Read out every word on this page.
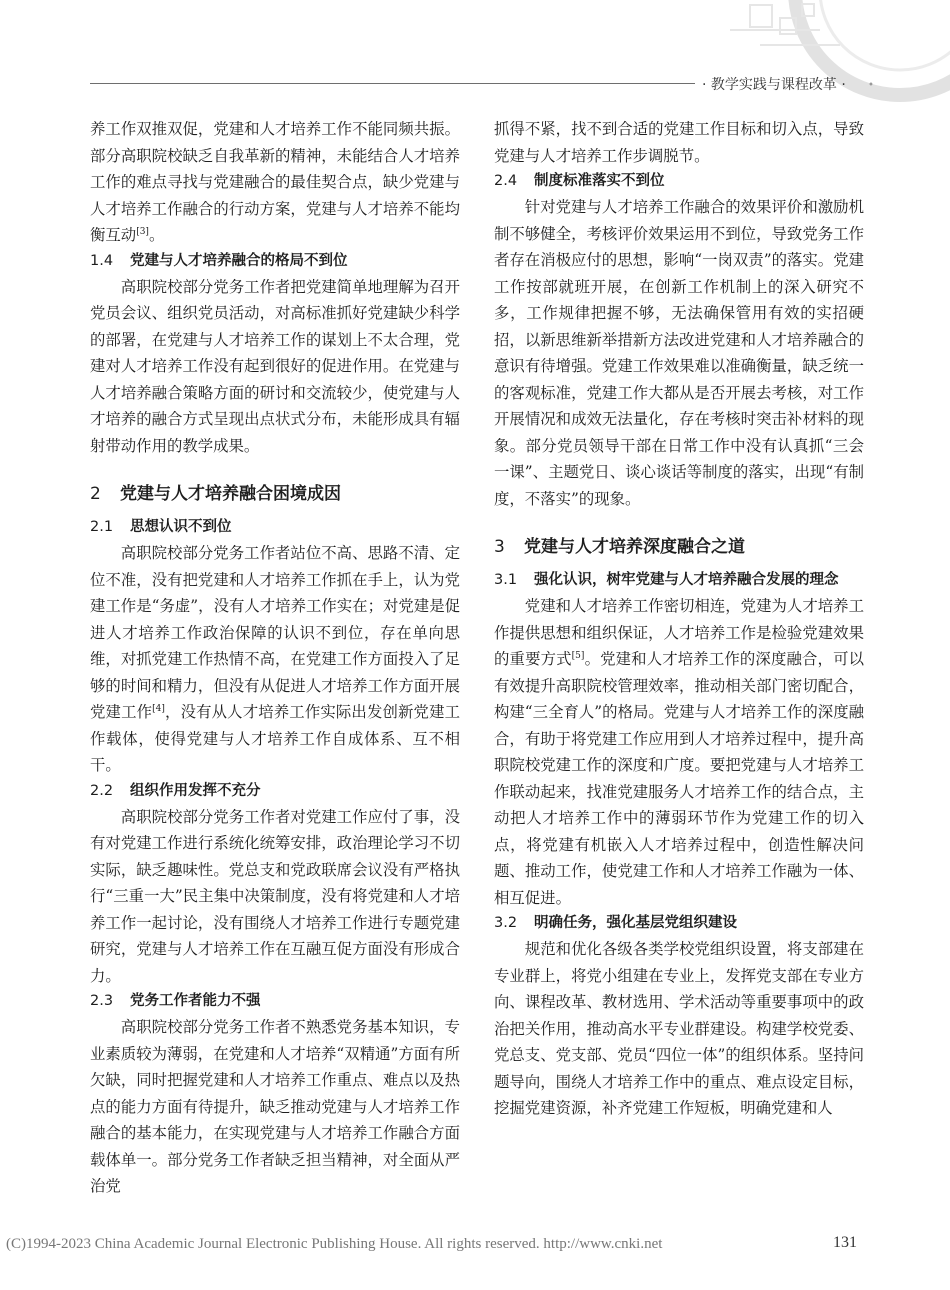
· 教学实践与课程改革 · •

养工作双推双促，党建和人才培养工作不能同频共振。部分高职院校缺乏自我革新的精神，未能结合人才培养工作的难点寻找与党建融合的最佳契合点，缺少党建与人才培养工作融合的行动方案，党建与人才培养不能均衡互动[3]。

1.4 党建与人才培养融合的格局不到位

高职院校部分党务工作者把党建简单地理解为召开党员会议、组织党员活动，对高标准抓好党建缺少科学的部署，在党建与人才培养工作的谋划上不太合理，党建对人才培养工作没有起到很好的促进作用。在党建与人才培养融合策略方面的研讨和交流较少，使党建与人才培养的融合方式呈现出点状式分布，未能形成具有辐射带动作用的教学成果。

2 党建与人才培养融合困境成因
2.1 思想认识不到位

高职院校部分党务工作者站位不高、思路不清、定位不准，没有把党建和人才培养工作抓在手上，认为党建工作是“务虚”，没有人才培养工作实在；对党建是促进人才培养工作政治保障的认识不到位，存在单向思维，对抓党建工作热情不高，在党建工作方面投入了足够的时间和精力，但没有从促进人才培养工作方面开展党建工作[4]，没有从人才培养工作实际出发创新党建工作载体，使得党建与人才培养工作自成体系、互不相干。

2.2 组织作用发挥不充分

高职院校部分党务工作者对党建工作应付了事，没有对党建工作进行系统化统筹安排，政治理论学习不切实际，缺乏趣味性。党总支和党政联席会议没有严格执行“三重一大”民主集中决策制度，没有将党建和人才培养工作一起讨论，没有围绕人才培养工作进行专题党建研究，党建与人才培养工作在互融互促方面没有形成合力。

2.3 党务工作者能力不强

高职院校部分党务工作者不熟悉党务基本知识，专业素质较为薄弱，在党建和人才培养“双精通”方面有所欠缺，同时把握党建和人才培养工作重点、难点以及热点的能力方面有待提升，缺乏推动党建与人才培养工作融合的基本能力，在实现党建与人才培养工作融合方面载体单一。部分党务工作者缺乏担当精神，对全面从严治党

抓得不紧，找不到合适的党建工作目标和切入点，导致党建与人才培养工作步调脱节。

2.4 制度标准落实不到位

针对党建与人才培养工作融合的效果评价和激励机制不够健全，考核评价效果运用不到位，导致党务工作者存在消极应付的思想，影响“一岗双责”的落实。党建工作按部就班开展，在创新工作机制上的深入研究不多，工作规律把握不够，无法确保管用有效的实招硬招，以新思维新举措新方法改进党建和人才培养融合的意识有待增强。党建工作效果难以准确衡量，缺乏统一的客观标准，党建工作大都从是否开展去考核，对工作开展情况和成效无法量化，存在考核时突击补材料的现象。部分党员领导干部在日常工作中没有认真抓“三会一课”、主题党日、谈心谈话等制度的落实，出现“有制度，不落实”的现象。

3 党建与人才培养深度融合之道
3.1 强化认识，树牢党建与人才培养融合发展的理念

党建和人才培养工作密切相连，党建为人才培养工作提供思想和组织保证，人才培养工作是检验党建效果的重要方式[5]。党建和人才培养工作的深度融合，可以有效提升高职院校管理效率，推动相关部门密切配合，构建“三全育人”的格局。党建与人才培养工作的深度融合，有助于将党建工作应用到人才培养过程中，提升高职院校党建工作的深度和广度。要把党建与人才培养工作联动起来，找准党建服务人才培养工作的结合点，主动把人才培养工作中的薄弱环节作为党建工作的切入点，将党建有机嵌入人才培养过程中，创造性解决问题、推动工作，使党建工作和人才培养工作融为一体、相互促进。

3.2 明确任务，强化基层党组织建设

规范和优化各级各类学校党组织设置，将支部建在专业群上，将党小组建在专业上，发挥党支部在专业方向、课程改革、教材选用、学术活动等重要事项中的政治把关作用，推动高水平专业群建设。构建学校党委、党总支、党支部、党员“四位一体”的组织体系。坚持问题导向，围绕人才培养工作中的重点、难点设定目标，挖掘党建资源，补齐党建工作短板，明确党建和人

(C)1994-2023 China Academic Journal Electronic Publishing House. All rights reserved. http://www.cnki.net	131
